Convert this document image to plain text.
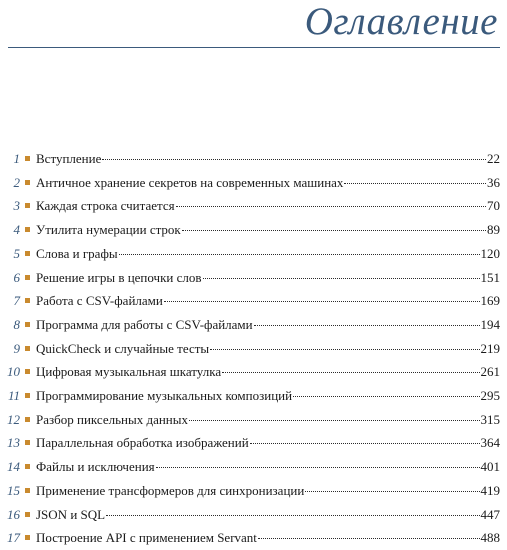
Оглавление
1 Вступление	22
2 Античное хранение секретов на современных машинах	36
3 Каждая строка считается	70
4 Утилита нумерации строк	89
5 Слова и графы	120
6 Решение игры в цепочки слов	151
7 Работа с CSV-файлами	169
8 Программа для работы с CSV-файлами	194
9 QuickCheck и случайные тесты	219
10 Цифровая музыкальная шкатулка	261
11 Программирование музыкальных композиций	295
12 Разбор пиксельных данных	315
13 Параллельная обработка изображений	364
14 Файлы и исключения	401
15 Применение трансформеров для синхронизации	419
16 JSON и SQL	447
17 Построение API с применением Servant	488
